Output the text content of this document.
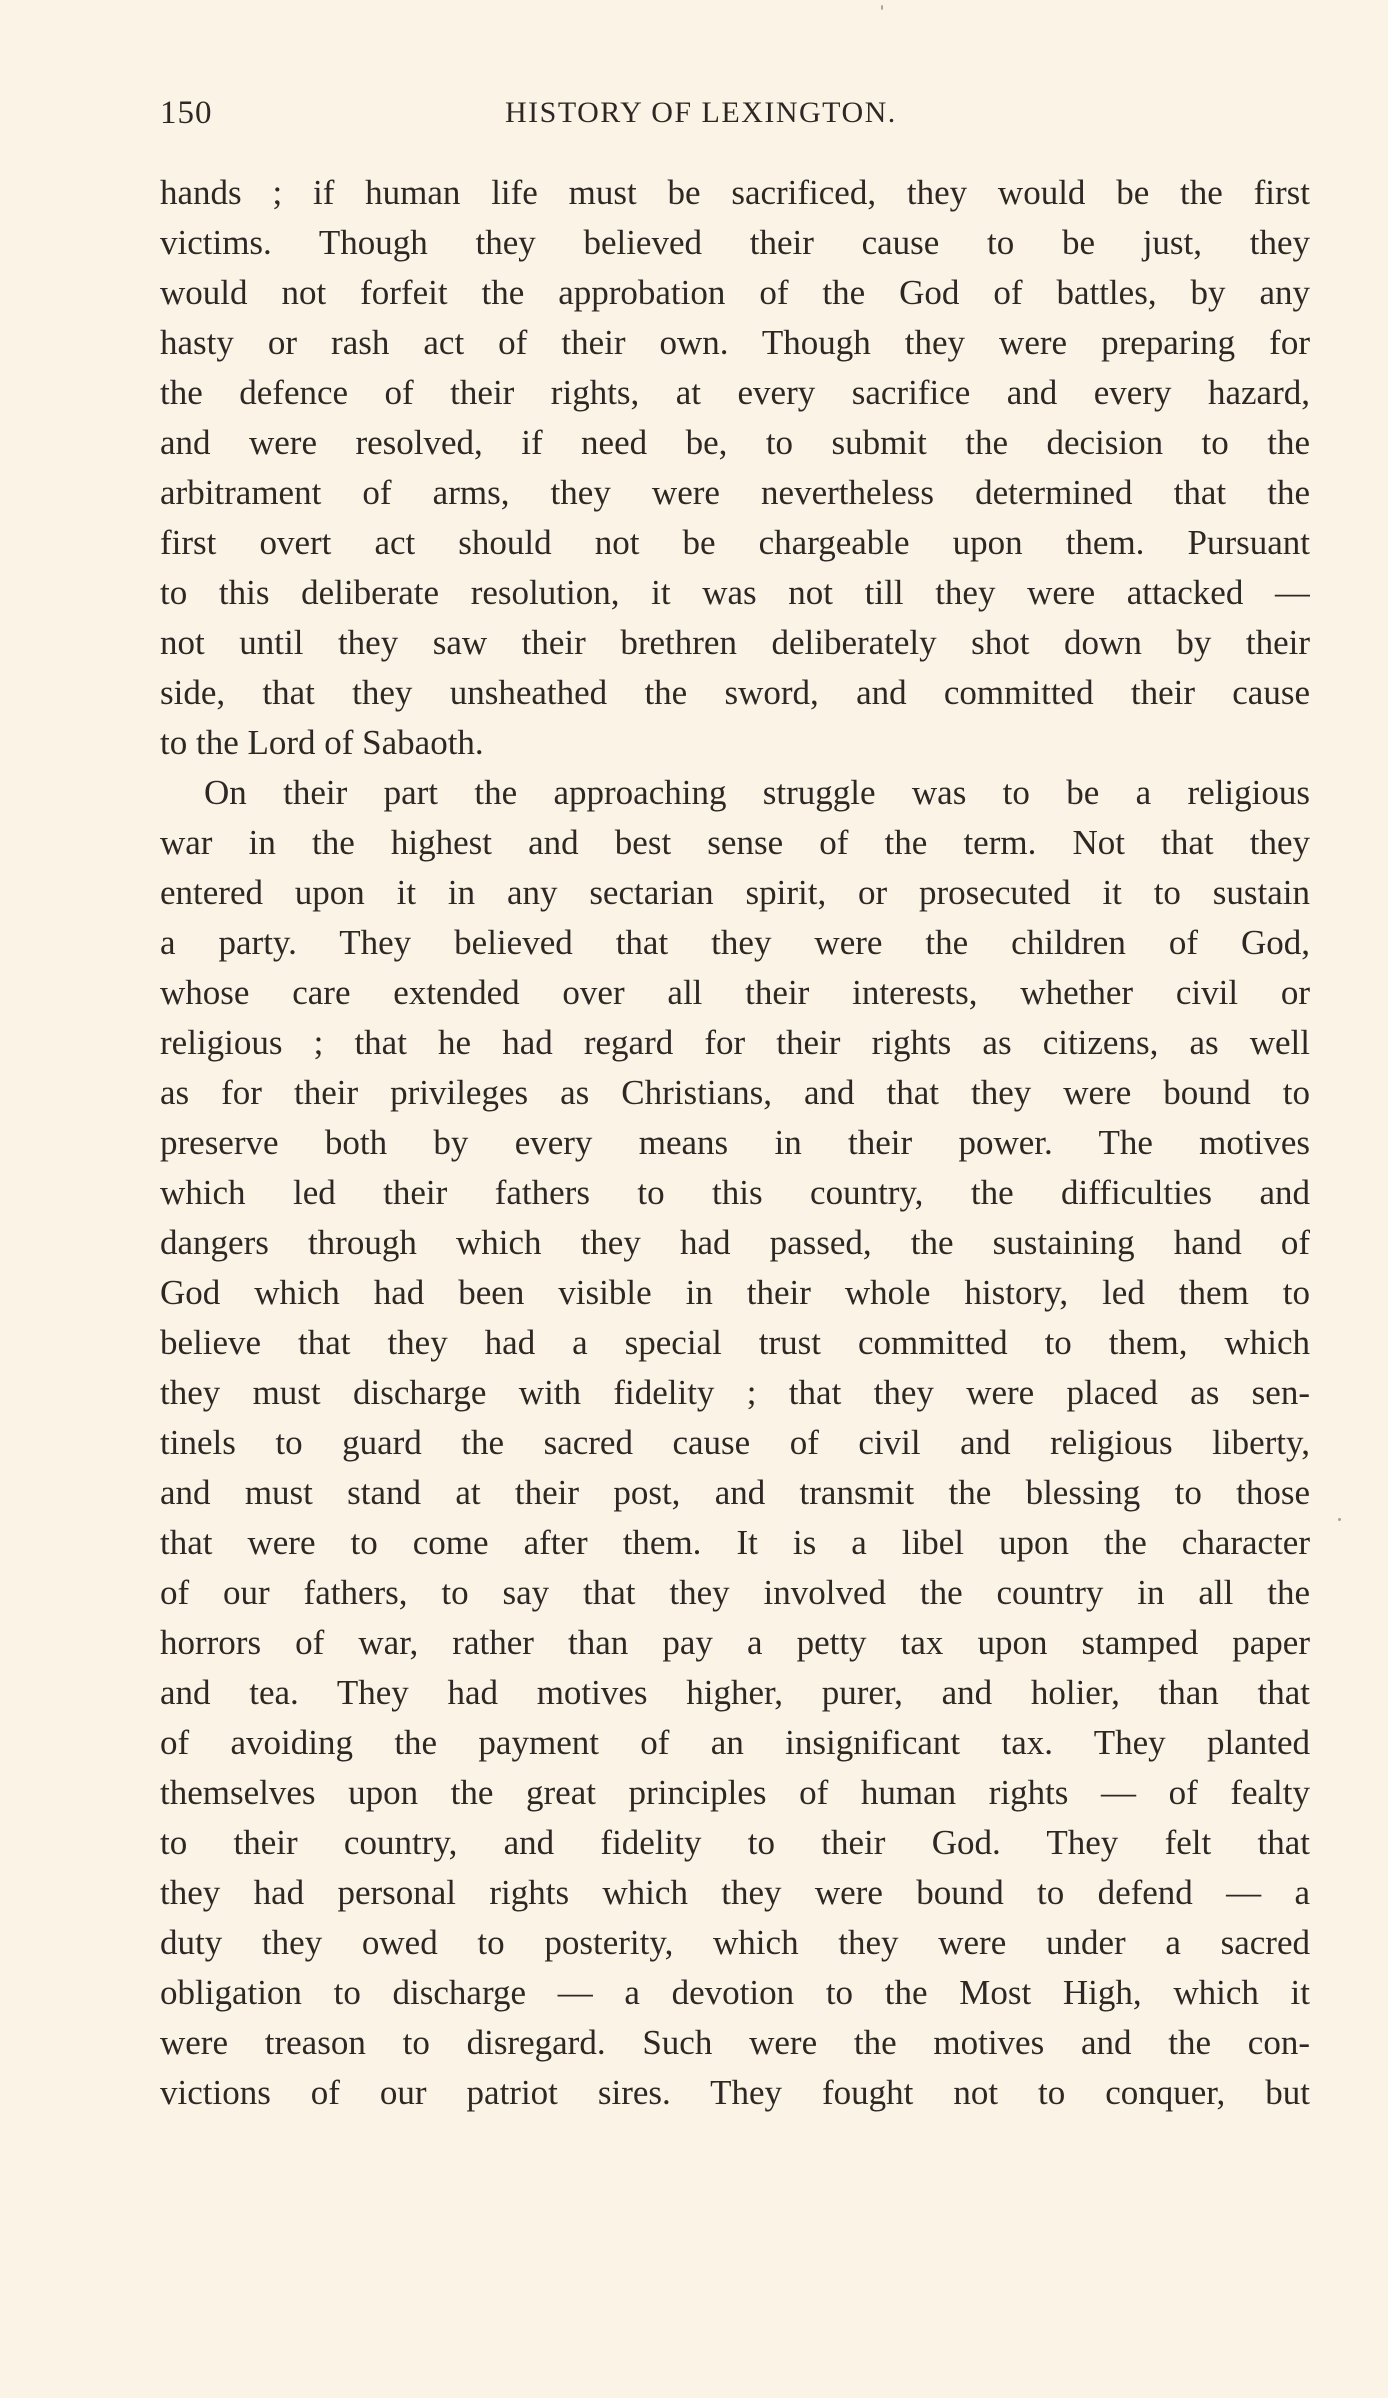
150	HISTORY OF LEXINGTON.
hands ; if human life must be sacrificed, they would be the first
victims. Though they believed their cause to be just, they
would not forfeit the approbation of the God of battles, by any
hasty or rash act of their own. Though they were preparing for
the defence of their rights, at every sacrifice and every hazard,
and were resolved, if need be, to submit the decision to the
arbitrament of arms, they were nevertheless determined that the
first overt act should not be chargeable upon them. Pursuant
to this deliberate resolution, it was not till they were attacked —
not until they saw their brethren deliberately shot down by their
side, that they unsheathed the sword, and committed their cause
to the Lord of Sabaoth.
On their part the approaching struggle was to be a religious
war in the highest and best sense of the term. Not that they
entered upon it in any sectarian spirit, or prosecuted it to sustain
a party. They believed that they were the children of God,
whose care extended over all their interests, whether civil or
religious ; that he had regard for their rights as citizens, as well
as for their privileges as Christians, and that they were bound to
preserve both by every means in their power. The motives
which led their fathers to this country, the difficulties and
dangers through which they had passed, the sustaining hand of
God which had been visible in their whole history, led them to
believe that they had a special trust committed to them, which
they must discharge with fidelity ; that they were placed as sen-
tinels to guard the sacred cause of civil and religious liberty,
and must stand at their post, and transmit the blessing to those
that were to come after them. It is a libel upon the character
of our fathers, to say that they involved the country in all the
horrors of war, rather than pay a petty tax upon stamped paper
and tea. They had motives higher, purer, and holier, than that
of avoiding the payment of an insignificant tax. They planted
themselves upon the great principles of human rights — of fealty
to their country, and fidelity to their God. They felt that
they had personal rights which they were bound to defend — a
duty they owed to posterity, which they were under a sacred
obligation to discharge — a devotion to the Most High, which it
were treason to disregard. Such were the motives and the con-
victions of our patriot sires. They fought not to conquer, but
